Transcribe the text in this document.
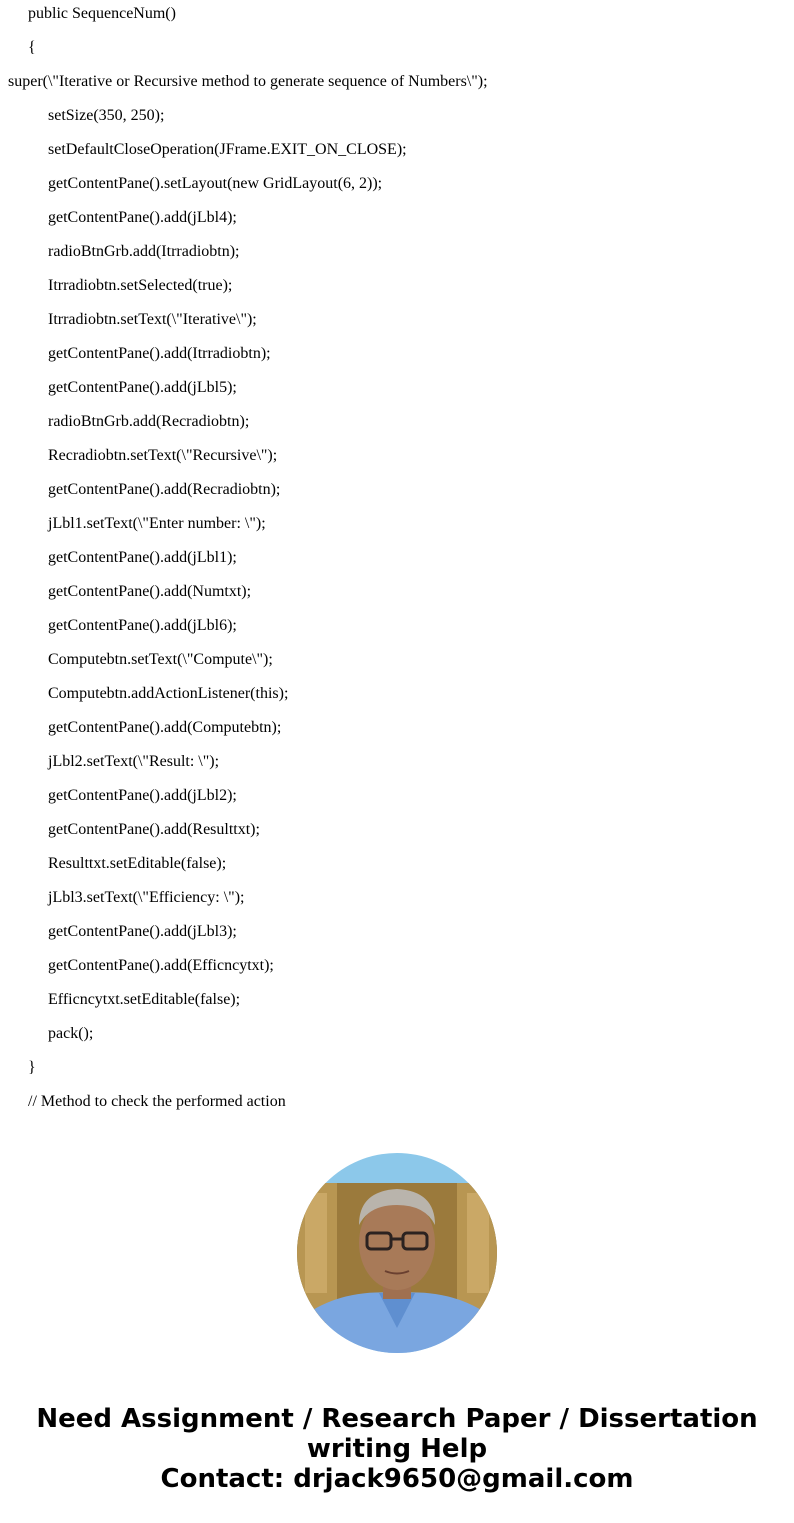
public SequenceNum()
{
super(\"Iterative or Recursive method to generate sequence of Numbers\");
setSize(350, 250);
setDefaultCloseOperation(JFrame.EXIT_ON_CLOSE);
getContentPane().setLayout(new GridLayout(6, 2));
getContentPane().add(jLbl4);
radioBtnGrb.add(Itrradiobtn);
Itrradiobtn.setSelected(true);
Itrradiobtn.setText(\"Iterative\");
getContentPane().add(Itrradiobtn);
getContentPane().add(jLbl5);
radioBtnGrb.add(Recradiobtn);
Recradiobtn.setText(\"Recursive\");
getContentPane().add(Recradiobtn);
jLbl1.setText(\"Enter number: \");
getContentPane().add(jLbl1);
getContentPane().add(Numtxt);
getContentPane().add(jLbl6);
Computebtn.setText(\"Compute\");
Computebtn.addActionListener(this);
getContentPane().add(Computebtn);
jLbl2.setText(\"Result: \");
getContentPane().add(jLbl2);
getContentPane().add(Resulttxt);
Resulttxt.setEditable(false);
jLbl3.setText(\"Efficiency: \");
getContentPane().add(jLbl3);
getContentPane().add(Efficncytxt);
Efficncytxt.setEditable(false);
pack();
}
// Method to check the performed action
Need Assignment / Research Paper / Dissertation
writing Help
Contact: drjack9650@gmail.com
